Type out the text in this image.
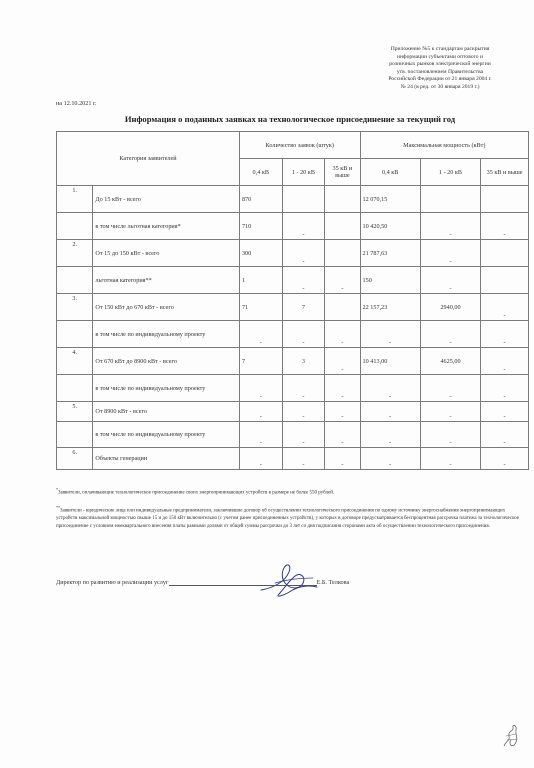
Приложение №5 к стандартам раскрытия
информации субъектами оптового и
розничных рынков электрической энергии
утв. постановлением Правительства
Российской Федерации от 21 января 2004 г.
№ 24 (в ред. от 30 января 2019 г.)
на 12.10.2021 г.
Информация о поданных заявках на технологическое присоединение за текущий год
Категория заявителей		Количество заявок (штук)			Максимальная мощность (кВт)		
		0,4 кВ	1 - 20 кВ	35 кВ и выше	0,4 кВ	1 - 20 кВ	35 кВ и выше
1.	До 15 кВт - всего	870			12 070,15		
	в том числе льготная категория*	710	-		10 420,50	-	-
2.	От 15 до 150 кВт - всего	300	-		21 787,63	-	
	льготная категория**	1	-	-	150	-	
3.	От 150 кВт до 670 кВт - всего	71	7		22 157,23	2940,00	-
	в том числе по индивидуальному проекту	-	-	-	-	-	-
4.	От 670 кВт до 8900 кВт - всего	7	3	-	10 413,00	4625,00	-
	в том числе по индивидуальному проекту	-	-	-	-	-	-
5.	От 8900 кВт - всего	-	-	-	-	-	-
	в том числе по индивидуальному проекту	-	-	-	-	-	-
6.	Объекты генерации	-	-	-	-	-	-

*Заявители, оплачивающие технологическое присоединение своих энергопринимающих устройств в размере не более 550 рублей.

**Заявители - юридические лица или индивидуальные предприниматели, заключившие договор об осуществлении технологического присоединения по одному источнику энергоснабжения энергопринимающих устройств максимальной мощностью свыше 15 и до 150 кВт включительно (с учетом ранее присоединенных устройств), у которых в договоре предусматривается беспроцентная рассрочка платежа за технологическое присоединение с условием ежеквартального внесения платы равными долями от общей суммы рассрочки до 3 лет со дня подписания сторонами акта об осуществлении технологического присоединения.

Директор по развитию и реализации услуг	Е.Б. Телкова
